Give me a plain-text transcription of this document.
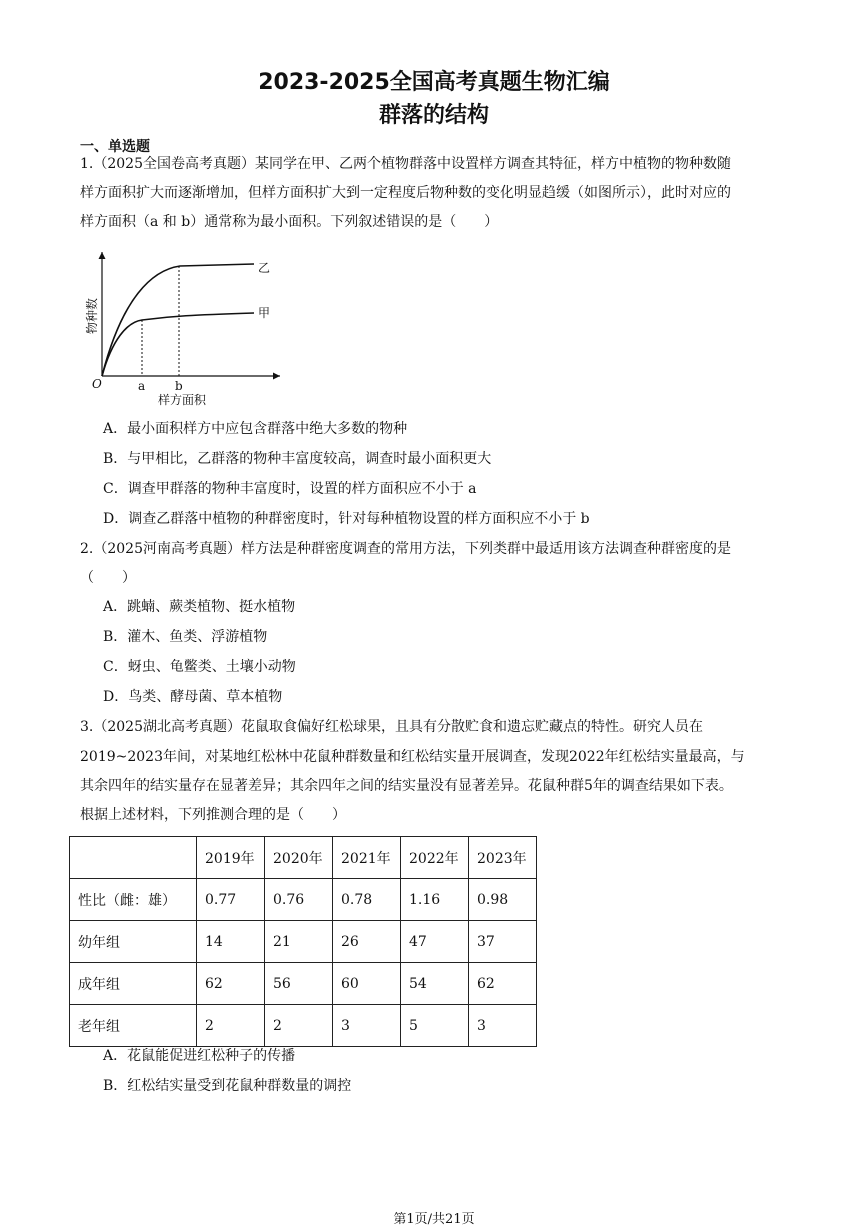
2023-2025全国高考真题生物汇编
群落的结构
一、单选题
1.（2025全国卷高考真题）某同学在甲、乙两个植物群落中设置样方调查其特征，样方中植物的物种数随
样方面积扩大而逐渐增加，但样方面积扩大到一定程度后物种数的变化明显趋缓（如图所示），此时对应的
样方面积（a 和 b）通常称为最小面积。下列叙述错误的是（　　）
乙
甲
a b
O
样方面积
物种数
A．最小面积样方中应包含群落中绝大多数的物种
B．与甲相比，乙群落的物种丰富度较高，调查时最小面积更大
C．调查甲群落的物种丰富度时，设置的样方面积应不小于 a
D．调查乙群落中植物的种群密度时，针对每种植物设置的样方面积应不小于 b
2.（2025河南高考真题）样方法是种群密度调查的常用方法，下列类群中最适用该方法调查种群密度的是
（　　）
A．跳蝻、蕨类植物、挺水植物
B．灌木、鱼类、浮游植物
C．蚜虫、龟鳖类、土壤小动物
D．鸟类、酵母菌、草本植物
3.（2025湖北高考真题）花鼠取食偏好红松球果，且具有分散贮食和遗忘贮藏点的特性。研究人员在
2019~2023年间，对某地红松林中花鼠种群数量和红松结实量开展调查，发现2022年红松结实量最高，与
其余四年的结实量存在显著差异；其余四年之间的结实量没有显著差异。花鼠种群5年的调查结果如下表。
根据上述材料，下列推测合理的是（　　）
	2019年	2020年	2021年	2022年	2023年
性比（雌：雄）	0.77	0.76	0.78	1.16	0.98
幼年组	14	21	26	47	37
成年组	62	56	60	54	62
老年组	2	2	3	5	3
A．花鼠能促进红松种子的传播
B．红松结实量受到花鼠种群数量的调控
第1页/共21页
